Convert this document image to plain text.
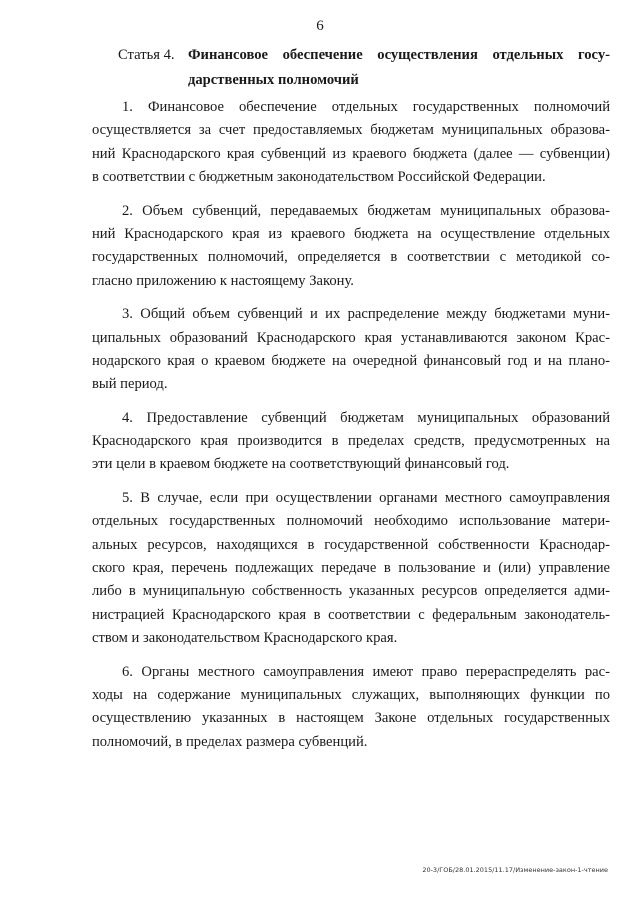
6
Статья 4. Финансовое обеспечение осуществления отдельных госу-
дарственных полномочий
1. Финансовое обеспечение отдельных государственных полномочий
осуществляется за счет предоставляемых бюджетам муниципальных образова-
ний Краснодарского края субвенций из краевого бюджета (далее — субвенции)
в соответствии с бюджетным законодательством Российской Федерации.
2. Объем субвенций, передаваемых бюджетам муниципальных образова-
ний Краснодарского края из краевого бюджета на осуществление отдельных
государственных полномочий, определяется в соответствии с методикой со-
гласно приложению к настоящему Закону.
3. Общий объем субвенций и их распределение между бюджетами муни-
ципальных образований Краснодарского края устанавливаются законом Крас-
нодарского края о краевом бюджете на очередной финансовый год и на плано-
вый период.
4. Предоставление субвенций бюджетам муниципальных образований
Краснодарского края производится в пределах средств, предусмотренных на
эти цели в краевом бюджете на соответствующий финансовый год.
5. В случае, если при осуществлении органами местного самоуправления
отдельных государственных полномочий необходимо использование матери-
альных ресурсов, находящихся в государственной собственности Краснодар-
ского края, перечень подлежащих передаче в пользование и (или) управление
либо в муниципальную собственность указанных ресурсов определяется адми-
нистрацией Краснодарского края в соответствии с федеральным законодатель-
ством и законодательством Краснодарского края.
6. Органы местного самоуправления имеют право перераспределять рас-
ходы на содержание муниципальных служащих, выполняющих функции по
осуществлению указанных в настоящем Законе отдельных государственных
полномочий, в пределах размера субвенций.
20-3/ГОБ/28.01.2015/11.17/Изменение-закон-1-чтение
